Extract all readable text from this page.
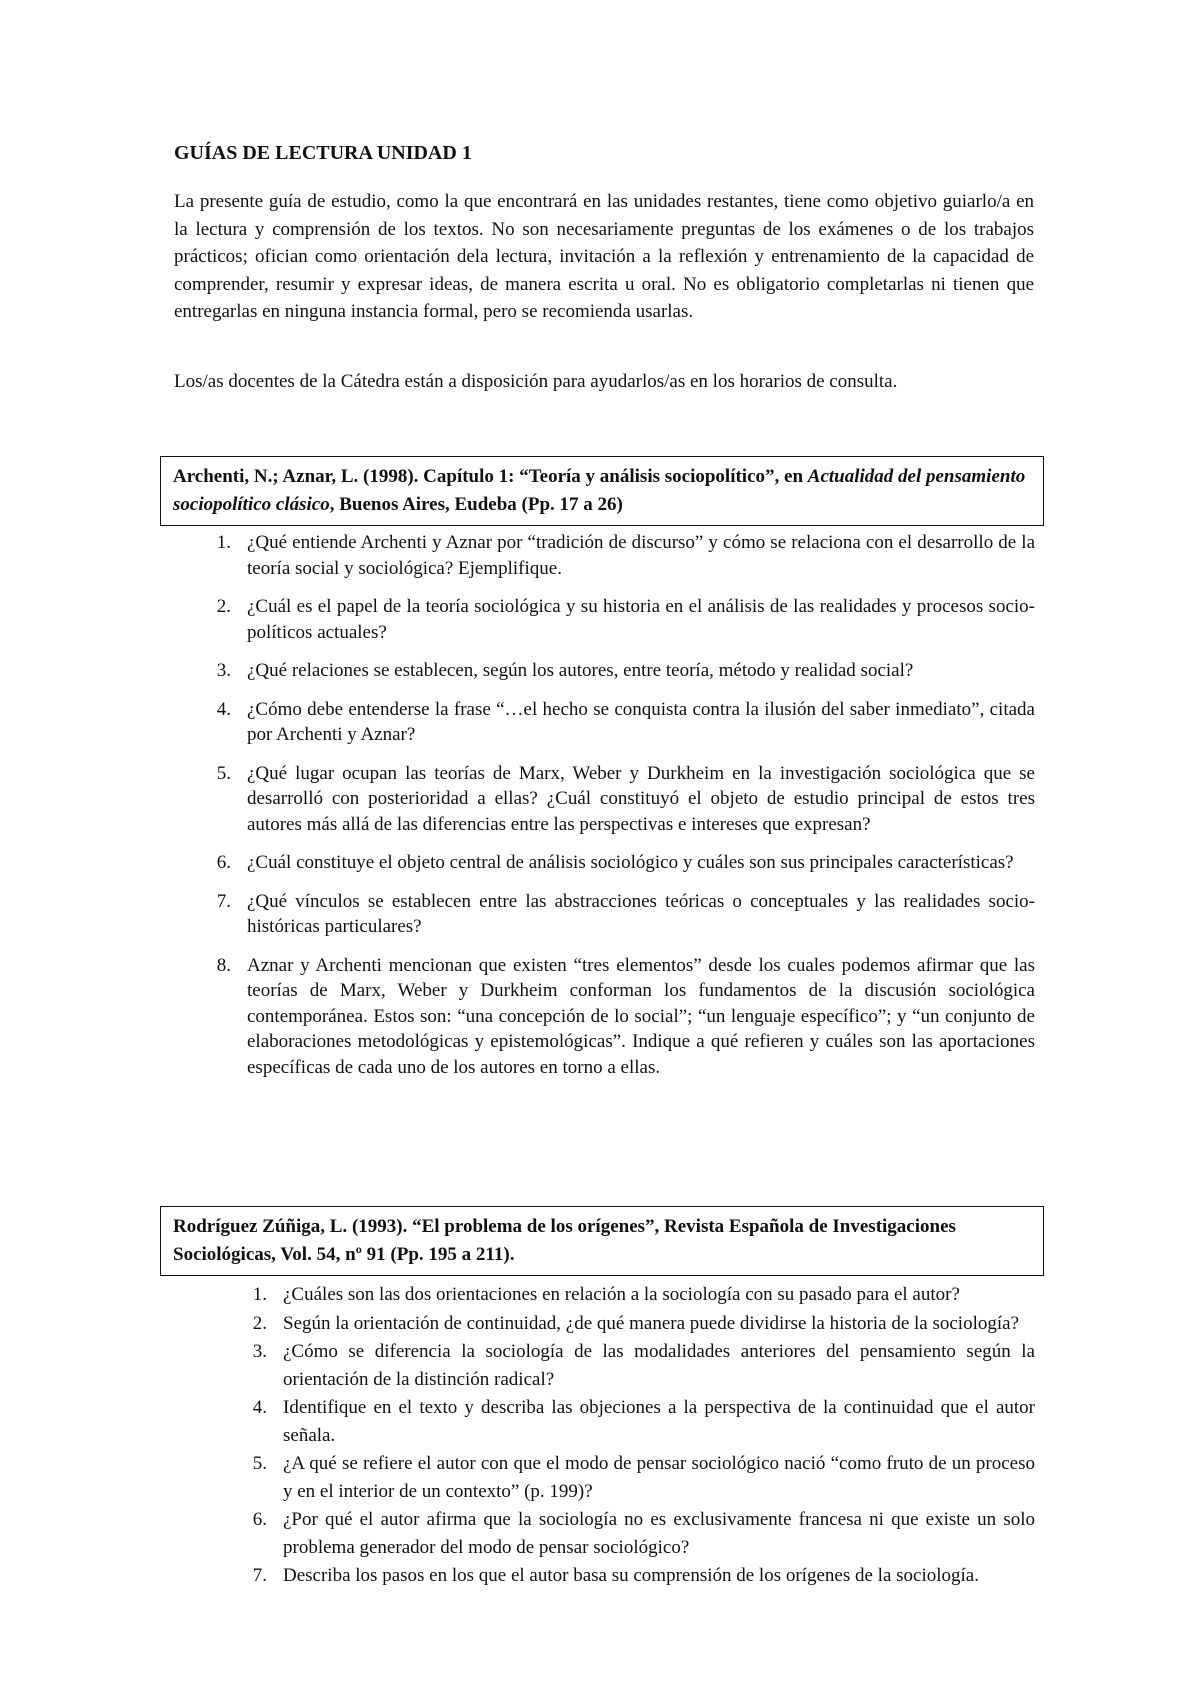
GUÍAS DE LECTURA UNIDAD 1

La presente guía de estudio, como la que encontrará en las unidades restantes, tiene como objetivo guiarlo/a en la lectura y comprensión de los textos. No son necesariamente preguntas de los exámenes o de los trabajos prácticos; ofician como orientación dela lectura, invitación a la reflexión y entrenamiento de la capacidad de comprender, resumir y expresar ideas, de manera escrita u oral. No es obligatorio completarlas ni tienen que entregarlas en ninguna instancia formal, pero se recomienda usarlas.

Los/as docentes de la Cátedra están a disposición para ayudarlos/as en los horarios de consulta.

Archenti, N.; Aznar, L. (1998). Capítulo 1: “Teoría y análisis sociopolítico”, en Actualidad del pensamiento sociopolítico clásico, Buenos Aires, Eudeba (Pp. 17 a 26)
1. ¿Qué entiende Archenti y Aznar por “tradición de discurso” y cómo se relaciona con el desarrollo de la teoría social y sociológica? Ejemplifique.
2. ¿Cuál es el papel de la teoría sociológica y su historia en el análisis de las realidades y procesos socio-políticos actuales?
3. ¿Qué relaciones se establecen, según los autores, entre teoría, método y realidad social?
4. ¿Cómo debe entenderse la frase “…el hecho se conquista contra la ilusión del saber inmediato”, citada por Archenti y Aznar?
5. ¿Qué lugar ocupan las teorías de Marx, Weber y Durkheim en la investigación sociológica que se desarrolló con posterioridad a ellas? ¿Cuál constituyó el objeto de estudio principal de estos tres autores más allá de las diferencias entre las perspectivas e intereses que expresan?
6. ¿Cuál constituye el objeto central de análisis sociológico y cuáles son sus principales características?
7. ¿Qué vínculos se establecen entre las abstracciones teóricas o conceptuales y las realidades socio-históricas particulares?
8. Aznar y Archenti mencionan que existen “tres elementos” desde los cuales podemos afirmar que las teorías de Marx, Weber y Durkheim conforman los fundamentos de la discusión sociológica contemporánea. Estos son: “una concepción de lo social”; “un lenguaje específico”; y “un conjunto de elaboraciones metodológicas y epistemológicas”. Indique a qué refieren y cuáles son las aportaciones específicas de cada uno de los autores en torno a ellas.
Rodríguez Zúñiga, L. (1993). “El problema de los orígenes”, Revista Española de Investigaciones Sociológicas, Vol. 54, nº 91 (Pp. 195 a 211).
1. ¿Cuáles son las dos orientaciones en relación a la sociología con su pasado para el autor?
2. Según la orientación de continuidad, ¿de qué manera puede dividirse la historia de la sociología?
3. ¿Cómo se diferencia la sociología de las modalidades anteriores del pensamiento según la orientación de la distinción radical?
4. Identifique en el texto y describa las objeciones a la perspectiva de la continuidad que el autor señala.
5. ¿A qué se refiere el autor con que el modo de pensar sociológico nació “como fruto de un proceso y en el interior de un contexto” (p. 199)?
6. ¿Por qué el autor afirma que la sociología no es exclusivamente francesa ni que existe un solo problema generador del modo de pensar sociológico?
7. Describa los pasos en los que el autor basa su comprensión de los orígenes de la sociología.
